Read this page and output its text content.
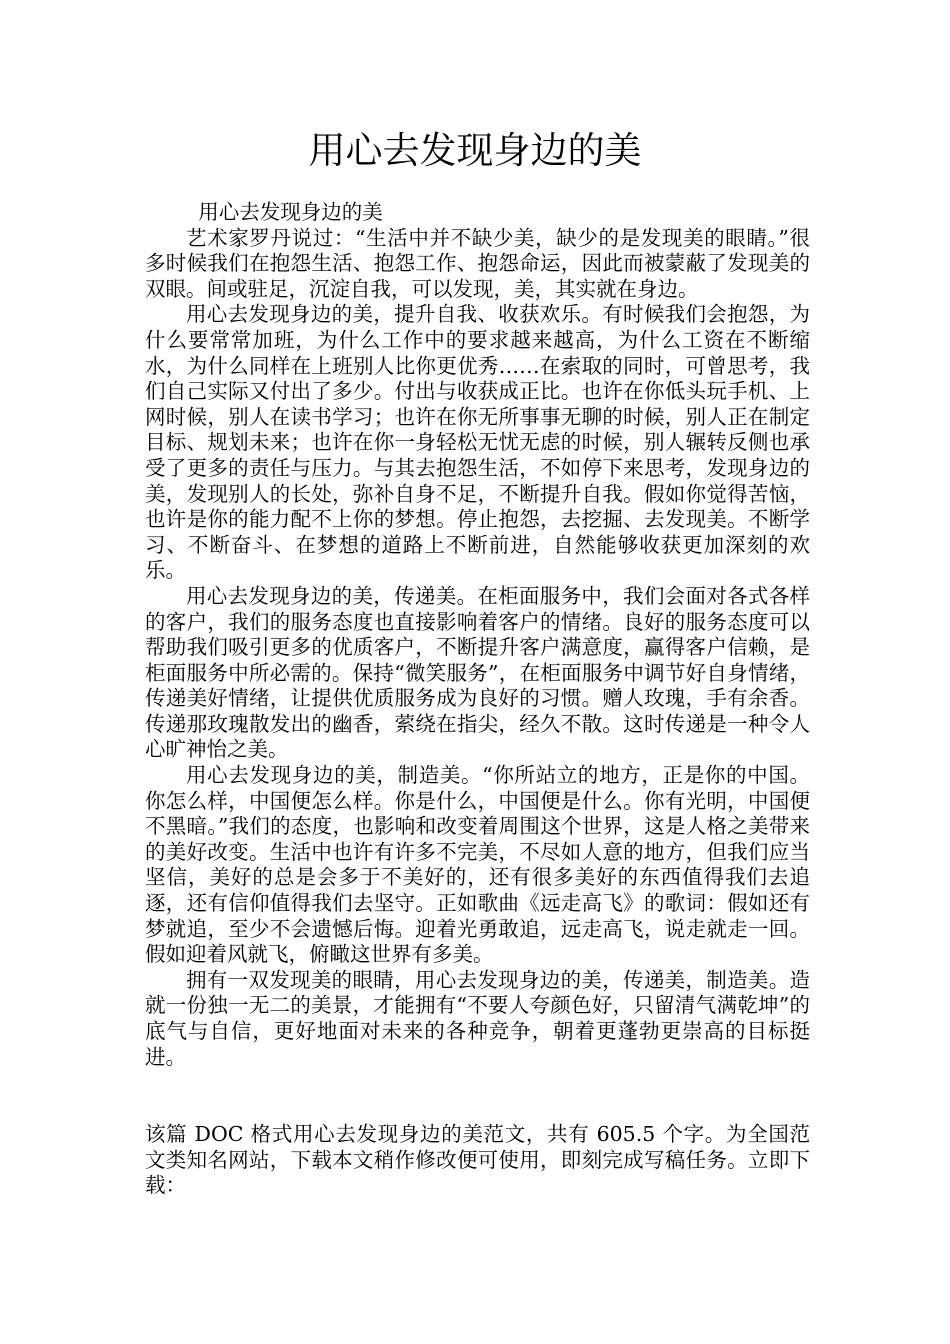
用心去发现身边的美

用心去发现身边的美

艺术家罗丹说过：“生活中并不缺少美，缺少的是发现美的眼睛。”很多时候我们在抱怨生活、抱怨工作、抱怨命运，因此而被蒙蔽了发现美的双眼。间或驻足，沉淀自我，可以发现，美，其实就在身边。

用心去发现身边的美，提升自我、收获欢乐。有时候我们会抱怨，为什么要常常加班，为什么工作中的要求越来越高，为什么工资在不断缩水，为什么同样在上班别人比你更优秀……在索取的同时，可曾思考，我们自己实际又付出了多少。付出与收获成正比。也许在你低头玩手机、上网时候，别人在读书学习；也许在你无所事事无聊的时候，别人正在制定目标、规划未来；也许在你一身轻松无忧无虑的时候，别人辗转反侧也承受了更多的责任与压力。与其去抱怨生活，不如停下来思考，发现身边的美，发现别人的长处，弥补自身不足，不断提升自我。假如你觉得苦恼，也许是你的能力配不上你的梦想。停止抱怨，去挖掘、去发现美。不断学习、不断奋斗、在梦想的道路上不断前进，自然能够收获更加深刻的欢乐。

用心去发现身边的美，传递美。在柜面服务中，我们会面对各式各样的客户，我们的服务态度也直接影响着客户的情绪。良好的服务态度可以帮助我们吸引更多的优质客户，不断提升客户满意度，赢得客户信赖，是柜面服务中所必需的。保持“微笑服务”，在柜面服务中调节好自身情绪，传递美好情绪，让提供优质服务成为良好的习惯。赠人玫瑰，手有余香。传递那玫瑰散发出的幽香，萦绕在指尖，经久不散。这时传递是一种令人心旷神怡之美。

用心去发现身边的美，制造美。“你所站立的地方，正是你的中国。你怎么样，中国便怎么样。你是什么，中国便是什么。你有光明，中国便不黑暗。”我们的态度，也影响和改变着周围这个世界，这是人格之美带来的美好改变。生活中也许有许多不完美，不尽如人意的地方，但我们应当坚信，美好的总是会多于不美好的，还有很多美好的东西值得我们去追逐，还有信仰值得我们去坚守。正如歌曲《远走高飞》的歌词：假如还有梦就追，至少不会遗憾后悔。迎着光勇敢追，远走高飞，说走就走一回。假如迎着风就飞，俯瞰这世界有多美。

拥有一双发现美的眼睛，用心去发现身边的美，传递美，制造美。造就一份独一无二的美景，才能拥有“不要人夸颜色好，只留清气满乾坤”的底气与自信，更好地面对未来的各种竞争，朝着更蓬勃更崇高的目标挺进。

该篇 DOC 格式用心去发现身边的美范文，共有 605.5 个字。为全国范文类知名网站，下载本文稍作修改便可使用，即刻完成写稿任务。立即下载：
